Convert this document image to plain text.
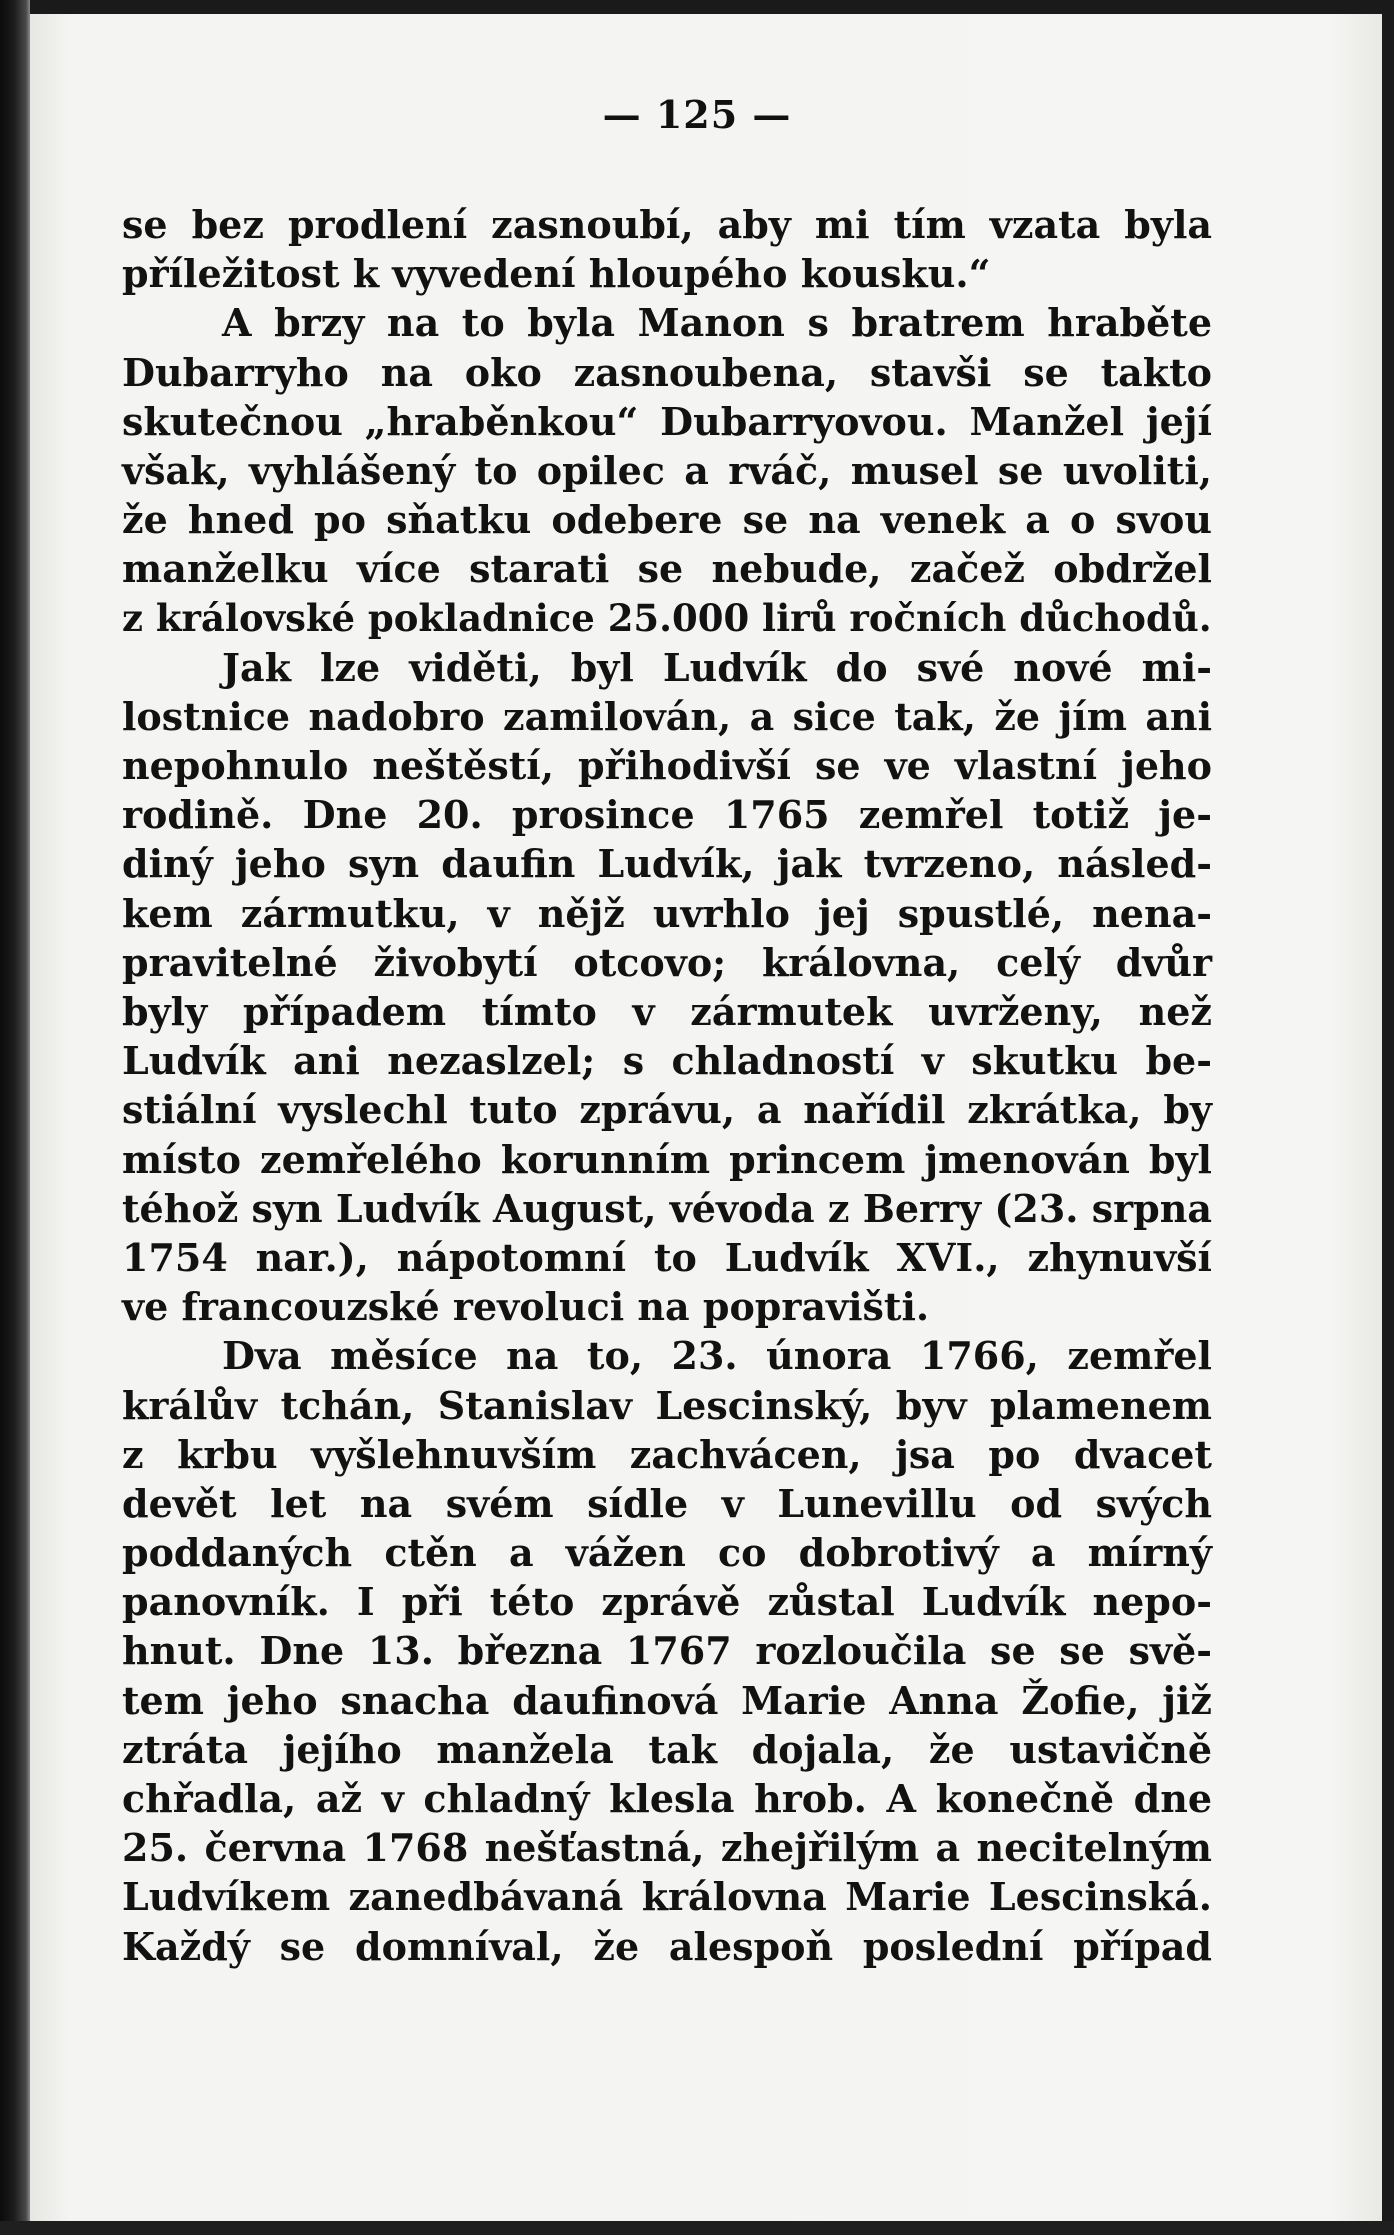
— 125 —
se bez prodlení zasnoubí, aby mi tím vzata byla
příležitost k vyvedení hloupého kousku.“
A brzy na to byla Manon s bratrem hraběte
Dubarryho na oko zasnoubena, stavši se takto
skutečnou „hraběnkou“ Dubarryovou. Manžel její
však, vyhlášený to opilec a rváč, musel se uvoliti,
že hned po sňatku odebere se na venek a o svou
manželku více starati se nebude, začež obdržel
z královské pokladnice 25.000 lirů ročních důchodů.
Jak lze viděti, byl Ludvík do své nové mi-
lostnice nadobro zamilován, a sice tak, že jím ani
nepohnulo neštěstí, přihodivší se ve vlastní jeho
rodině. Dne 20. prosince 1765 zemřel totiž je-
diný jeho syn daufin Ludvík, jak tvrzeno, násled-
kem zármutku, v nějž uvrhlo jej spustlé, nena-
pravitelné živobytí otcovo; královna, celý dvůr
byly případem tímto v zármutek uvrženy, než
Ludvík ani nezaslzel; s chladností v skutku be-
stiální vyslechl tuto zprávu, a nařídil zkrátka, by
místo zemřelého korunním princem jmenován byl
téhož syn Ludvík August, vévoda z Berry (23. srpna
1754 nar.), nápotomní to Ludvík XVI., zhynuvší
ve francouzské revoluci na popravišti.
Dva měsíce na to, 23. února 1766, zemřel
králův tchán, Stanislav Lescinský, byv plamenem
z krbu vyšlehnuvším zachvácen, jsa po dvacet
devět let na svém sídle v Lunevillu od svých
poddaných ctěn a vážen co dobrotivý a mírný
panovník. I při této zprávě zůstal Ludvík nepo-
hnut. Dne 13. března 1767 rozloučila se se svě-
tem jeho snacha daufinová Marie Anna Žofie, již
ztráta jejího manžela tak dojala, že ustavičně
chřadla, až v chladný klesla hrob. A konečně dne
25. června 1768 nešťastná, zhejřilým a necitelným
Ludvíkem zanedbávaná královna Marie Lescinská.
Každý se domníval, že alespoň poslední případ
